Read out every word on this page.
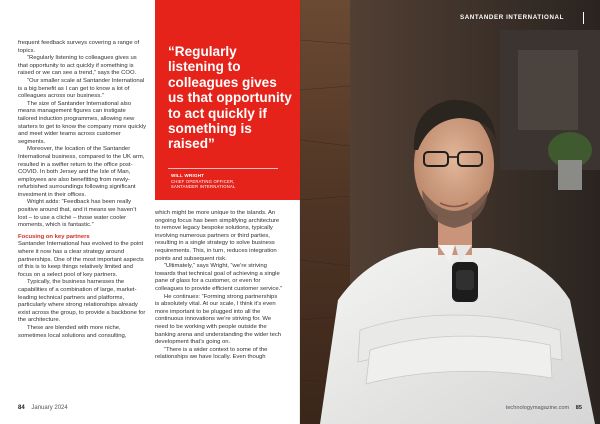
SANTANDER INTERNATIONAL

frequent feedback surveys covering a range of topics.

“Regularly listening to colleagues gives us that opportunity to act quickly if something is raised or we can see a trend,” says the COO.

“Our smaller scale at Santander International is a big benefit as I can get to know a lot of colleagues across our business.”

The size of Santander International also means management figures can instigate tailored induction programmes, allowing new starters to get to know the company more quickly and meet wider teams across customer segments.

Moreover, the location of the Santander International business, compared to the UK arm, resulted in a swifter return to the office post-COVID. In both Jersey and the Isle of Man, employees are also benefitting from newly-refurbished surroundings following significant investment in their offices.

Wright adds: “Feedback has been really positive around that, and it means we haven’t lost – to use a cliché – those water cooler moments, which is fantastic.”

Focusing on key partners

Santander International has evolved to the point where it now has a clear strategy around partnerships. One of the most important aspects of this is to keep things relatively limited and focus on a select pool of key partners.

Typically, the business harnesses the capabilities of a combination of large, market-leading technical partners and platforms, particularly where strong relationships already exist across the group, to provide a backbone for the architecture.

These are blended with more niche, sometimes local solutions and consulting,

“Regularly listening to colleagues gives us that opportunity to act quickly if something is raised”
WILL WRIGHT
CHIEF OPERATING OFFICER,
SANTANDER INTERNATIONAL

which might be more unique to the islands. An ongoing focus has been simplifying architecture to remove legacy bespoke solutions, typically involving numerous partners or third parties, resulting in a single strategy to solve business requirements. This, in turn, reduces integration points and subsequent risk.

“Ultimately,” says Wright, “we’re striving towards that technical goal of achieving a single pane of glass for a customer, or even for colleagues to provide efficient customer service.”

He continues: “Forming strong partnerships is absolutely vital. At our scale, I think it’s even more important to be plugged into all the continuous innovations we’re striving for. We need to be working with people outside the banking arena and understanding the wider tech development that’s going on.

“There is a wider context to some of the relationships we have locally. Even though

84 January 2024	technologymagazine.com 85
